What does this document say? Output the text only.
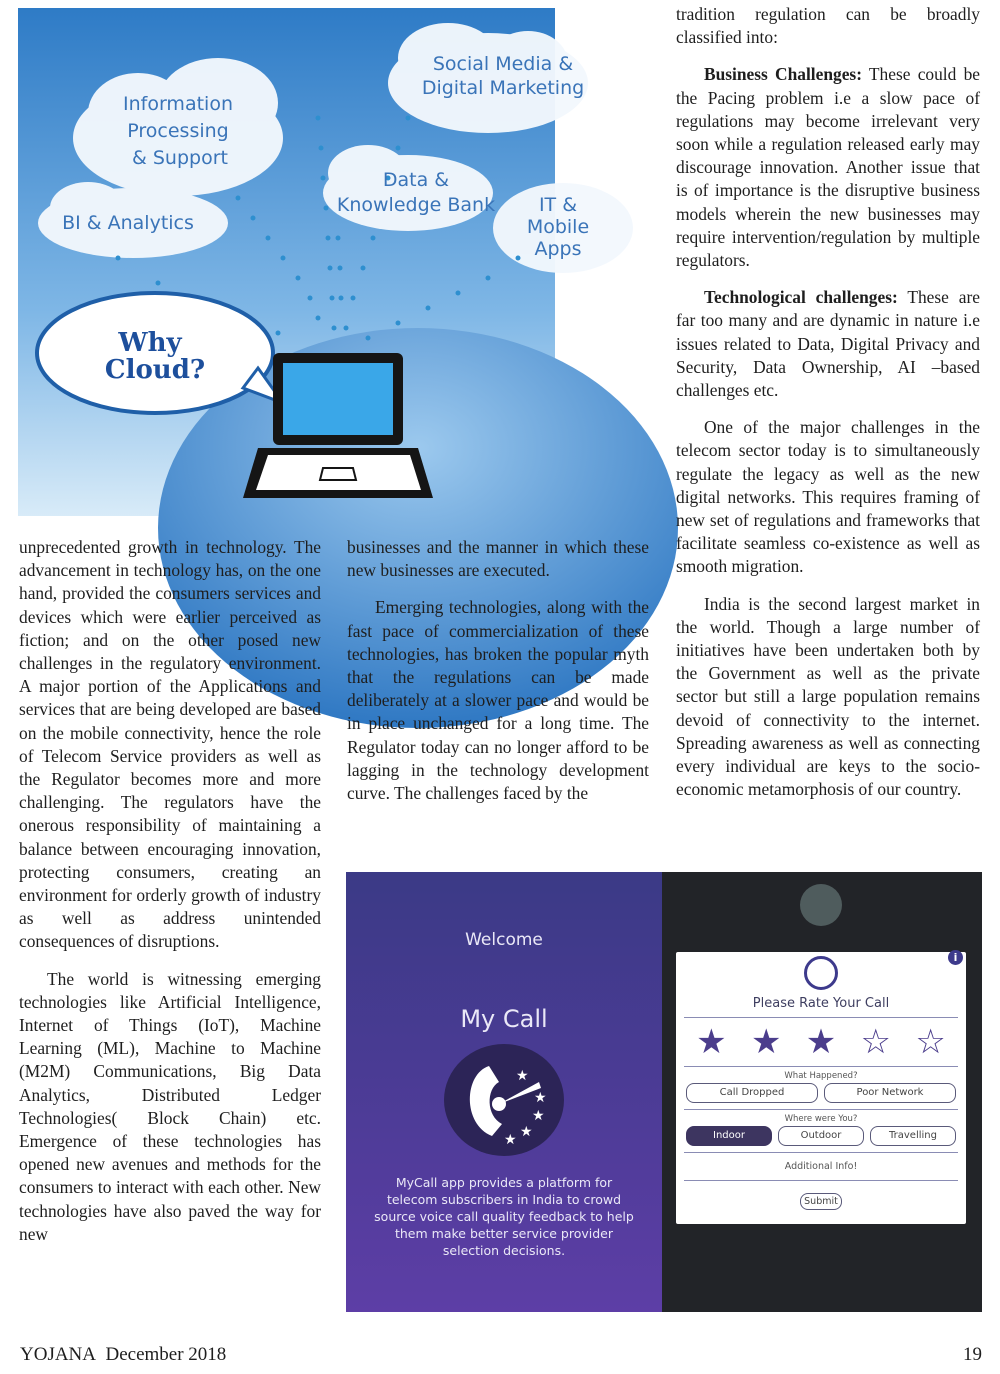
Why
Cloud?
Information
Processing
& Support
Social Media &
Digital Marketing
Data &
Knowledge Bank IT &
Mobile
Apps
BI & Analytics

unprecedented growth in technology. The advancement in technology has, on the one hand, provided the consumers services and devices which were earlier perceived as fiction; and on the other posed new challenges in the regulatory environment. A major portion of the Applications and services that are being developed are based on the mobile connectivity, hence the role of Telecom Service providers as well as the Regulator becomes more and more challenging. The regulators have the onerous responsibility of maintaining a balance between encouraging innovation, protecting consumers, creating an environment for orderly growth of industry as well as address unintended consequences of disruptions.

The world is witnessing emerging technologies like Artificial Intelligence, Internet of Things (IoT), Machine Learning (ML), Machine to Machine (M2M) Communications, Big Data Analytics, Distributed Ledger Technologies( Block Chain) etc. Emergence of these technologies has opened new avenues and methods for the consumers to interact with each other. New technologies have also paved the way for new

businesses and the manner in which these new businesses are executed.

Emerging technologies, along with the fast pace of commercialization of these technologies, has broken the popular myth that the regulations can be made deliberately at a slower pace and would be in place unchanged for a long time. The Regulator today can no longer afford to be lagging in the technology development curve. The challenges faced by the

tradition regulation can be broadly classified into:

Business Challenges: These could be the Pacing problem i.e a slow pace of regulations may become irrelevant very soon while a regulation released early may discourage innovation. Another issue that is of importance is the disruptive business models wherein the new businesses may require intervention/regulation by multiple regulators.

Technological challenges: These are far too many and are dynamic in nature i.e issues related to Data, Digital Privacy and Security, Data Ownership, AI –based challenges etc.

One of the major challenges in the telecom sector today is to simultaneously regulate the legacy as well as the new digital networks. This requires framing of new set of regulations and frameworks that facilitate seamless co-existence as well as smooth migration.

India is the second largest market in the world. Though a large number of initiatives have been undertaken both by the Government as well as the private sector but still a large population remains devoid of connectivity to the internet. Spreading awareness as well as connecting every individual are keys to the socio-economic metamorphosis of our country.

Welcome
My Call
★
★
★
★
★
MyCall app provides a platform for telecom subscribers in India to crowd source voice call quality feedback to help them make better service provider selection decisions.
i
Please Rate Your Call
★ ★ ★ ☆ ☆
What Happened?
Call Dropped	Poor Network
Where were You?
Indoor	Outdoor	Travelling
Additional Info!
Submit
YOJANA December 2018	19
